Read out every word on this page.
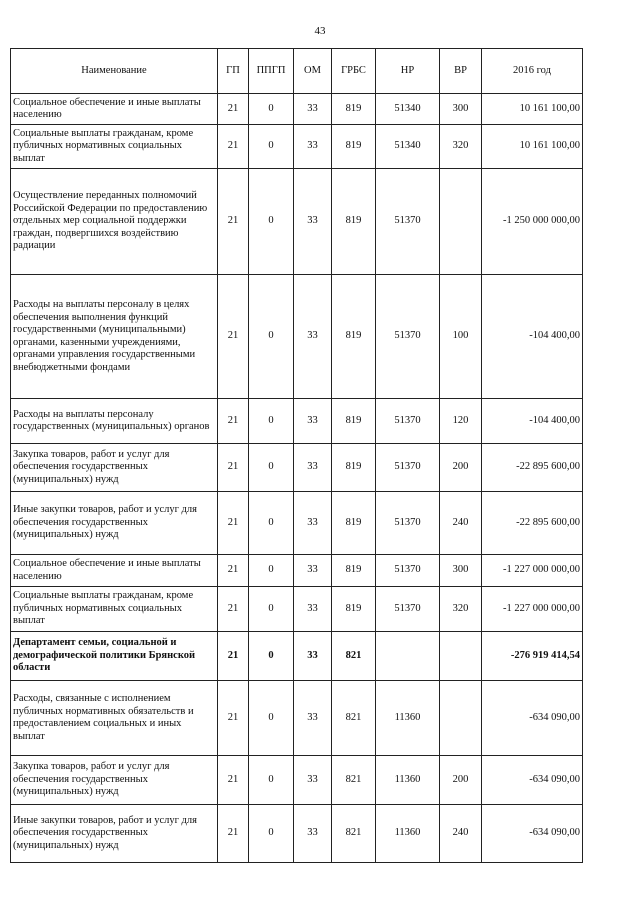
43
Наименование	ГП	ППГП	ОМ	ГРБС	НР	ВР	2016 год
Социальное обеспечение и иные выплаты населению	21	0	33	819	51340	300	10 161 100,00
Социальные выплаты гражданам, кроме публичных нормативных социальных выплат	21	0	33	819	51340	320	10 161 100,00
Осуществление переданных полномочий Российской Федерации по предоставлению отдельных мер социальной поддержки граждан, подвергшихся воздействию радиации	21	0	33	819	51370		-1 250 000 000,00
Расходы на выплаты персоналу в целях обеспечения выполнения функций государственными (муниципальными) органами, казенными учреждениями, органами управления государственными внебюджетными фондами	21	0	33	819	51370	100	-104 400,00
Расходы на выплаты персоналу государственных (муниципальных) органов	21	0	33	819	51370	120	-104 400,00
Закупка товаров, работ и услуг для обеспечения государственных (муниципальных) нужд	21	0	33	819	51370	200	-22 895 600,00
Иные закупки товаров, работ и услуг для обеспечения государственных (муниципальных) нужд	21	0	33	819	51370	240	-22 895 600,00
Социальное обеспечение и иные выплаты населению	21	0	33	819	51370	300	-1 227 000 000,00
Социальные выплаты гражданам, кроме публичных нормативных социальных выплат	21	0	33	819	51370	320	-1 227 000 000,00
Департамент семьи, социальной и демографической политики Брянской области	21	0	33	821			-276 919 414,54
Расходы, связанные с исполнением публичных нормативных обязательств и предоставлением социальных и иных выплат	21	0	33	821	11360		-634 090,00
Закупка товаров, работ и услуг для обеспечения государственных (муниципальных) нужд	21	0	33	821	11360	200	-634 090,00
Иные закупки товаров, работ и услуг для обеспечения государственных (муниципальных) нужд	21	0	33	821	11360	240	-634 090,00
